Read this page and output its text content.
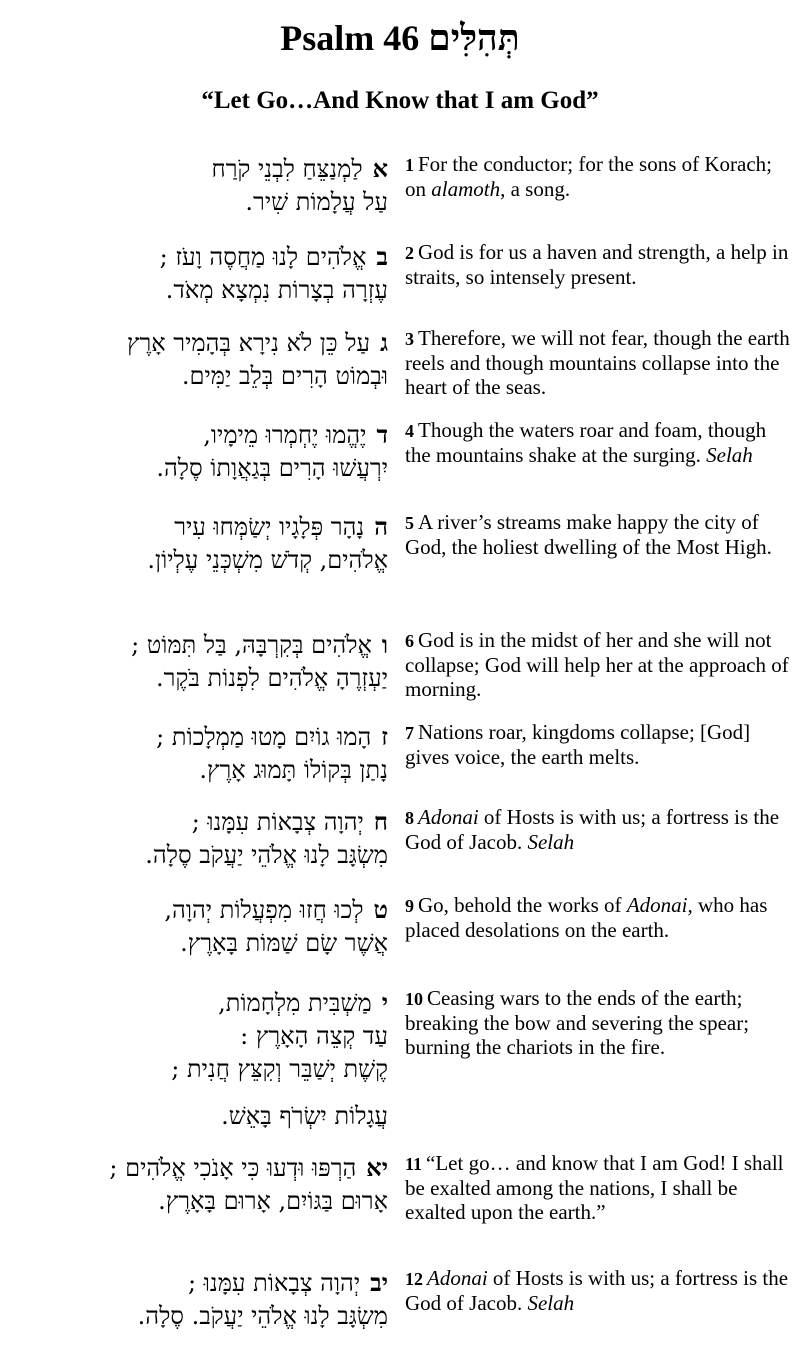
Psalm 46 תְּהִלִּים
“Let Go…And Know that I am God”
אלַמְנַצֵּחַ לִבְנֵי קֹרַח
עַל עֲלָמוֹת שִׁיר.
1 For the conductor; for the sons of Korach; on alamoth, a song.
באֱלֹהִים לָנוּ מַחֲסֶה וָעֹז ;
עֶזְרָה בְצָרוֹת נִמְצָא מְאֹד.
2 God is for us a haven and strength, a help in straits, so intensely present.
געַל כֵּן לֹא נִירָא בְּהָמִיר אָרֶץ
וּבְמוֹט הָרִים בְּלֵב יַמִּים.
3 Therefore, we will not fear, though the earth reels and though mountains collapse into the heart of the seas.
דיֶהֱמוּ יֶחְמְרוּ מֵימָיו,
יִרְעֲשׁוּ הָרִים בְּגַאֲוָתוֹ סֶלָה.
4 Though the waters roar and foam, though the mountains shake at the surging. Selah
הנָהָר פְּלָגָיו יְשַׂמְּחוּ עִיר
אֱלֹהִים, קְדֹשׁ מִשְׁכְּנֵי עֶלְיוֹן.
5 A river’s streams make happy the city of God, the holiest dwelling of the Most High.
ואֱלֹהִים בְּקִרְבָּהּ, בַּל תִּמּוֹט ;
יַעְזְרֶהָ אֱלֹהִים לִפְנוֹת בֹּקֶר.
6 God is in the midst of her and she will not collapse; God will help her at the approach of morning.
זהָמוּ גוֹיִם מָטוּ מַמְלָכוֹת ;
נָתַן בְּקוֹלוֹ תָּמוּג אָרֶץ.
7 Nations roar, kingdoms collapse; [God] gives voice, the earth melts.
חיְהוָה צְבָאוֹת עִמָּנוּ ;
מִשְׂגָּב לָנוּ אֱלֹהֵי יַעֲקֹב סֶלָה.
8 Adonai of Hosts is with us; a fortress is the God of Jacob. Selah
טלְכוּ חֲזוּ מִפְעֲלוֹת יְהוָה,
אֲשֶׁר שָׂם שַׁמּוֹת בָּאָרֶץ.
9 Go, behold the works of Adonai, who has placed desolations on the earth.
ימַשְׁבִּית מִלְחָמוֹת,
עַד קְצֵה הָאָרֶץ :
קֶשֶׁת יְשַׁבֵּר וְקִצֵּץ חֲנִית ;
עֲגָלוֹת יִשְׂרֹף בָּאֵשׁ.
10 Ceasing wars to the ends of the earth; breaking the bow and severing the spear; burning the chariots in the fire.
יאהַרְפּוּ וּדְעוּ כִּי אָנֹכִי אֱלֹהִים ;
אָרוּם בַּגּוֹיִם, אָרוּם בָּאָרֶץ.
11 “Let go… and know that I am God! I shall be exalted among the nations, I shall be exalted upon the earth.”
יביְהוָה צְבָאוֹת עִמָּנוּ ;
מִשְׂגָּב לָנוּ אֱלֹהֵי יַעֲקֹב. סֶלָה.
12 Adonai of Hosts is with us; a fortress is the God of Jacob. Selah
